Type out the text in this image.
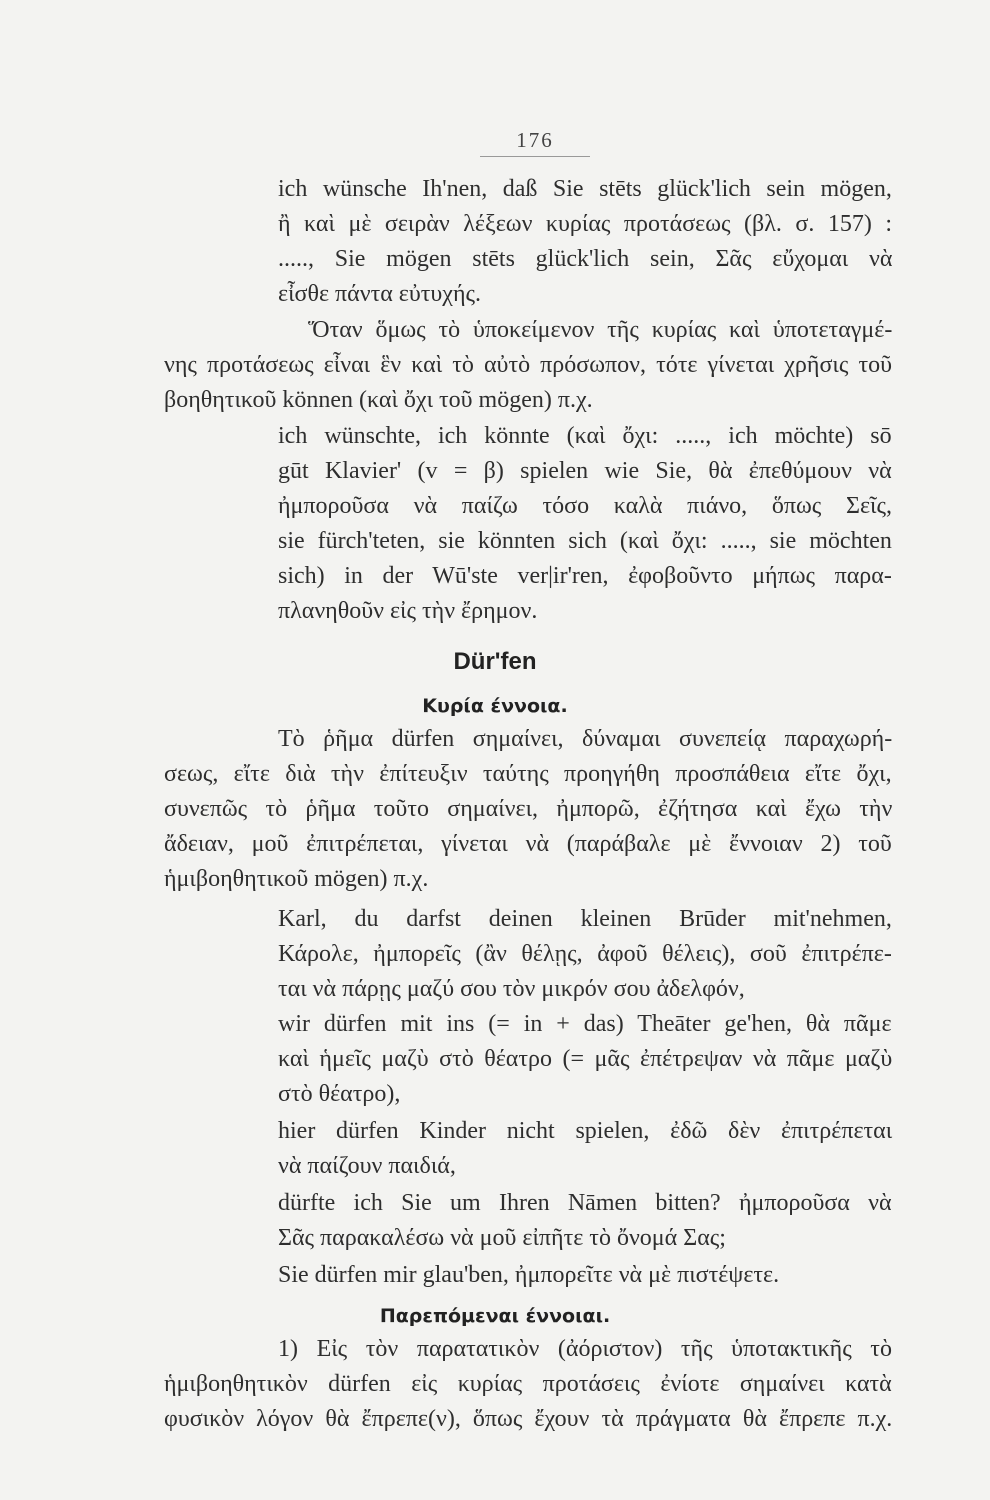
176
ich wünsche Ih'nen, daß Sie stēts glück'lich sein mögen,
ἢ καὶ μὲ σειρὰν λέξεων κυρίας προτάσεως (βλ. σ. 157) :
....., Sie mögen stēts glück'lich sein, Σᾶς εὔχομαι νὰ
εἶσθε πάντα εὐτυχής.
Ὅταν ὅμως τὸ ὑποκείμενον τῆς κυρίας καὶ ὑποτεταγμέ-
νης προτάσεως εἶναι ἓν καὶ τὸ αὐτὸ πρόσωπον, τότε γίνεται χρῆσις τοῦ
βοηθητικοῦ können (καὶ ὄχι τοῦ mögen) π.χ.
ich wünschte, ich könnte (καὶ ὄχι: ....., ich möchte) sō
gūt Klavier' (v = β) spielen wie Sie, θὰ ἐπεθύμουν νὰ
ἠμποροῦσα νὰ παίζω τόσο καλὰ πιάνο, ὅπως Σεῖς,
sie fürch'teten, sie könnten sich (καὶ ὄχι: ....., sie möchten
sich) in der Wū'ste ver|ir'ren, ἐφοβοῦντο μήπως παρα-
πλανηθοῦν εἰς τὴν ἔρημον.
Dür'fen
Κυρία έννοια.
Τὸ ῥῆμα dürfen σημαίνει, δύναμαι συνεπείᾳ παραχωρή-
σεως, εἴτε διὰ τὴν ἐπίτευξιν ταύτης προηγήθη προσπάθεια εἴτε ὄχι,
συνεπῶς τὸ ῥῆμα τοῦτο σημαίνει, ἠμπορῶ, ἐζήτησα καὶ ἔχω τὴν
ἄδειαν, μοῦ ἐπιτρέπεται, γίνεται νὰ (παράβαλε μὲ ἔννοιαν 2) τοῦ
ἡμιβοηθητικοῦ mögen) π.χ.
Karl, du darfst deinen kleinen Brūder mit'nehmen,
Κάρολε, ἠμπορεῖς (ἂν θέλῃς, ἀφοῦ θέλεις), σοῦ ἐπιτρέπε-
ται νὰ πάρῃς μαζύ σου τὸν μικρόν σου ἀδελφόν,
wir dürfen mit ins (= in + das) Theāter ge'hen, θὰ πᾶμε
καὶ ἡμεῖς μαζὺ στὸ θέατρο (= μᾶς ἐπέτρεψαν νὰ πᾶμε μαζὺ
στὸ θέατρο),
hier dürfen Kinder nicht spielen, ἐδῶ δὲν ἐπιτρέπεται
νὰ παίζουν παιδιά,
dürfte ich Sie um Ihren Nāmen bitten? ἠμποροῦσα νὰ
Σᾶς παρακαλέσω νὰ μοῦ εἰπῆτε τὸ ὄνομά Σας;
Sie dürfen mir glau'ben, ἠμπορεῖτε νὰ μὲ πιστέψετε.
Παρεπόμεναι έννοιαι.
1) Εἰς τὸν παρατατικὸν (ἀόριστον) τῆς ὑποτακτικῆς τὸ
ἡμιβοηθητικὸν dürfen εἰς κυρίας προτάσεις ἐνίοτε σημαίνει κατὰ
φυσικὸν λόγον θὰ ἔπρεπε(ν), ὅπως ἔχουν τὰ πράγματα θὰ ἔπρεπε π.χ.
